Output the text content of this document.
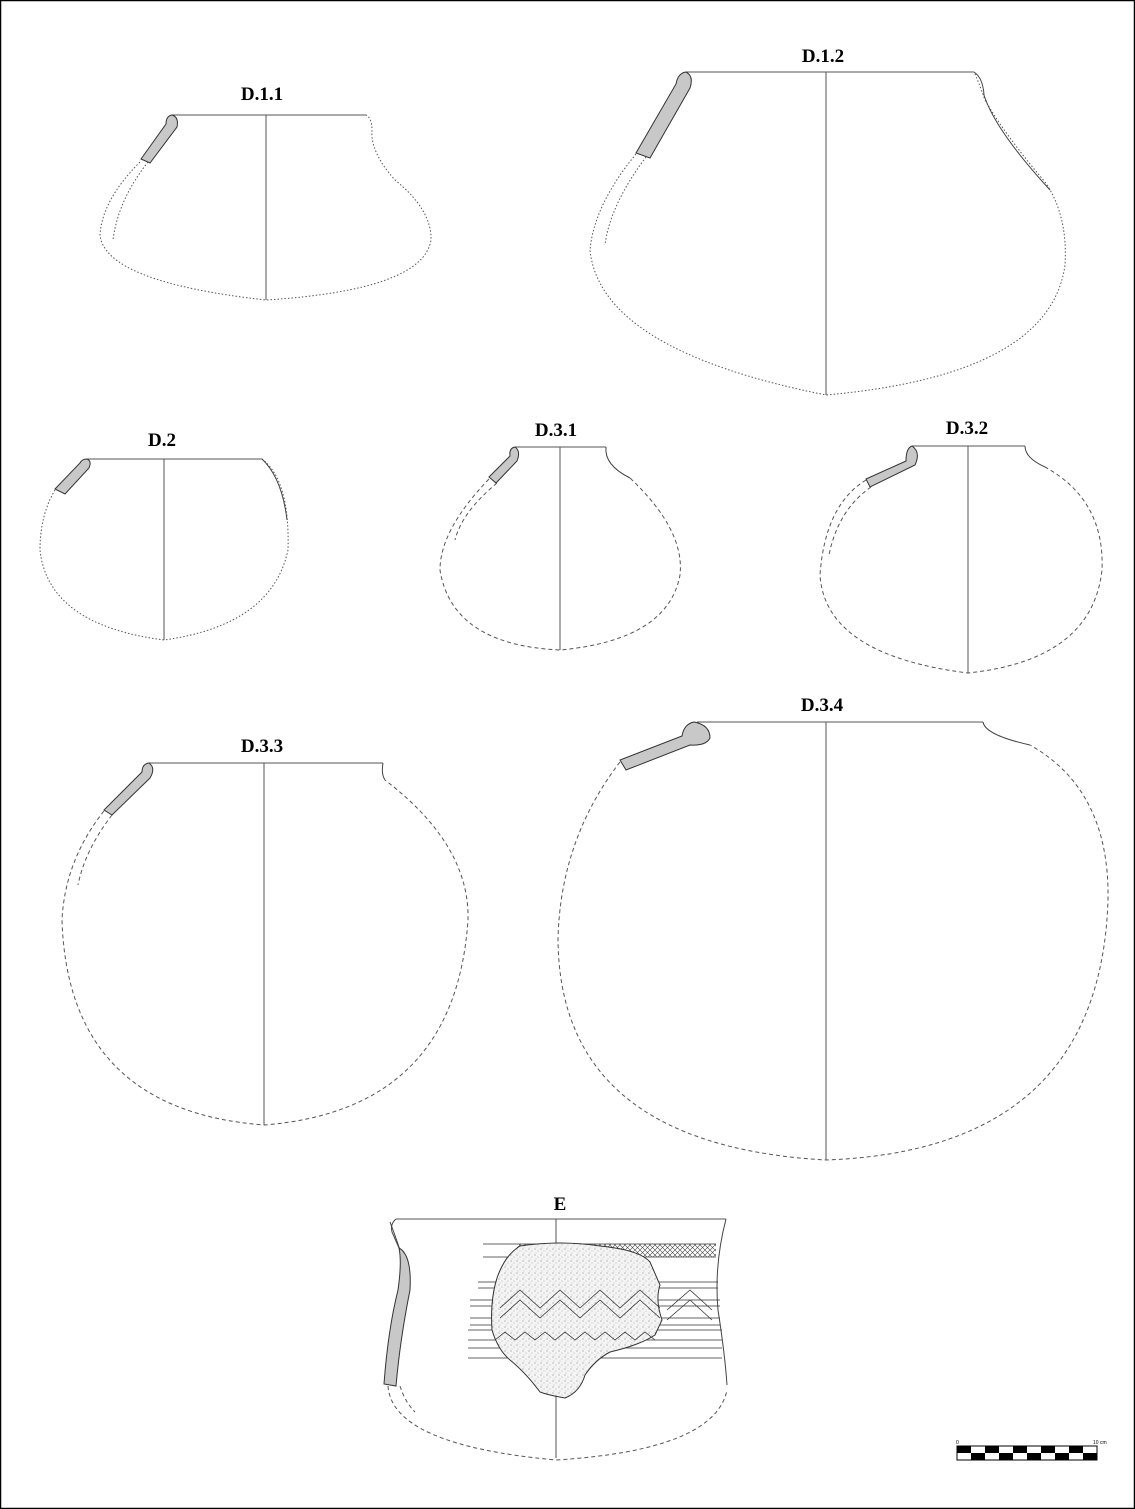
D.1.1
D.1.2
D.2	D.3.1	D.3.2
D.3.3
D.3.4
E
0	10 cm
